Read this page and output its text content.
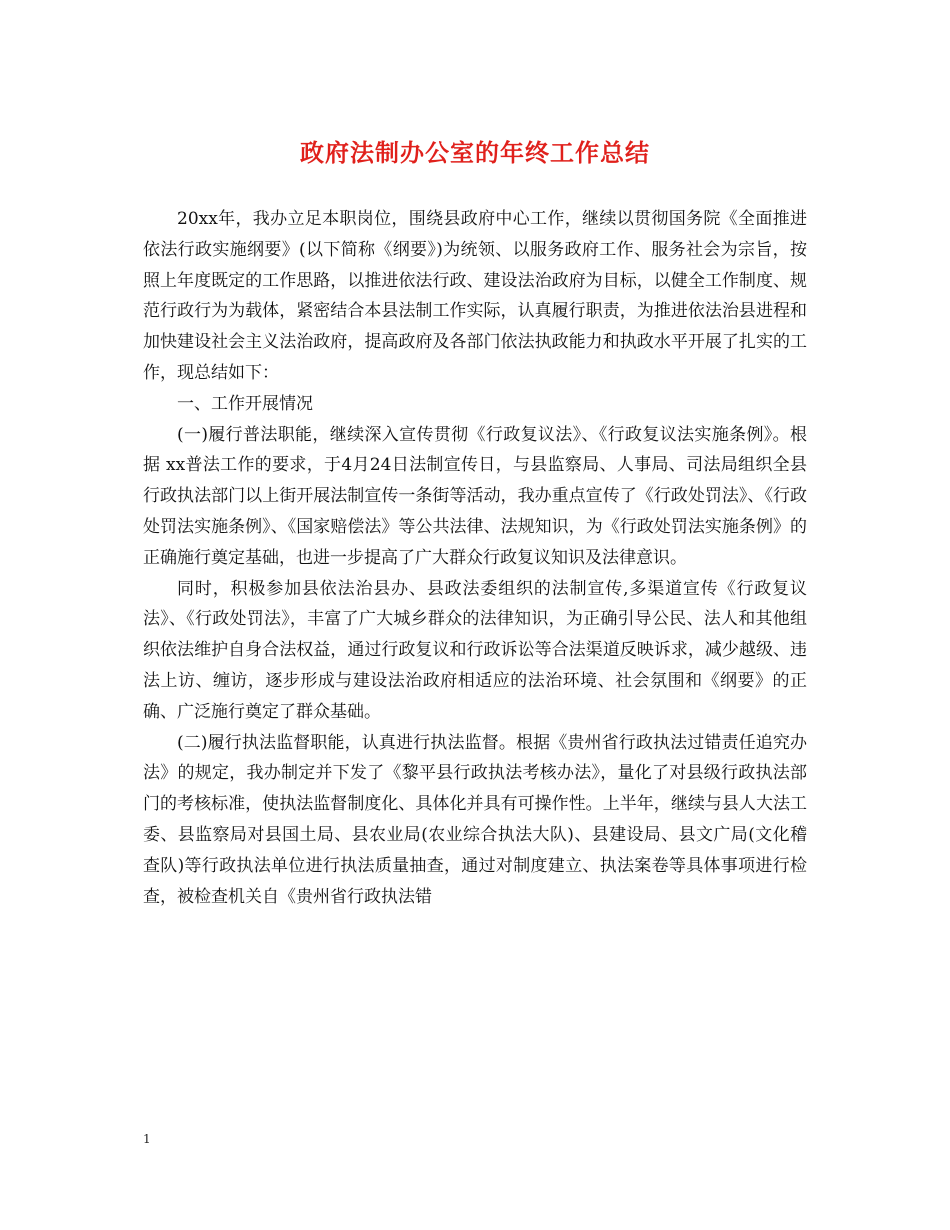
政府法制办公室的年终工作总结

20xx年，我办立足本职岗位，围绕县政府中心工作，继续以贯彻国务院《全面推进依法行政实施纲要》(以下简称《纲要》)为统领、以服务政府工作、服务社会为宗旨，按照上年度既定的工作思路，以推进依法行政、建设法治政府为目标，以健全工作制度、规范行政行为为载体，紧密结合本县法制工作实际，认真履行职责，为推进依法治县进程和加快建设社会主义法治政府，提高政府及各部门依法执政能力和执政水平开展了扎实的工作，现总结如下：

一、工作开展情况

(一)履行普法职能，继续深入宣传贯彻《行政复议法》、《行政复议法实施条例》。根据 xx普法工作的要求，于4月24日法制宣传日，与县监察局、人事局、司法局组织全县行政执法部门以上街开展法制宣传一条街等活动，我办重点宣传了《行政处罚法》、《行政处罚法实施条例》、《国家赔偿法》等公共法律、法规知识，为《行政处罚法实施条例》的正确施行奠定基础，也进一步提高了广大群众行政复议知识及法律意识。

同时，积极参加县依法治县办、县政法委组织的法制宣传,多渠道宣传《行政复议法》、《行政处罚法》，丰富了广大城乡群众的法律知识，为正确引导公民、法人和其他组织依法维护自身合法权益，通过行政复议和行政诉讼等合法渠道反映诉求，减少越级、违法上访、缠访，逐步形成与建设法治政府相适应的法治环境、社会氛围和《纲要》的正确、广泛施行奠定了群众基础。

(二)履行执法监督职能，认真进行执法监督。根据《贵州省行政执法过错责任追究办法》的规定，我办制定并下发了《黎平县行政执法考核办法》，量化了对县级行政执法部门的考核标准，使执法监督制度化、具体化并具有可操作性。上半年，继续与县人大法工委、县监察局对县国土局、县农业局(农业综合执法大队)、县建设局、县文广局(文化稽查队)等行政执法单位进行执法质量抽查，通过对制度建立、执法案卷等具体事项进行检查，被检查机关自《贵州省行政执法错

1
